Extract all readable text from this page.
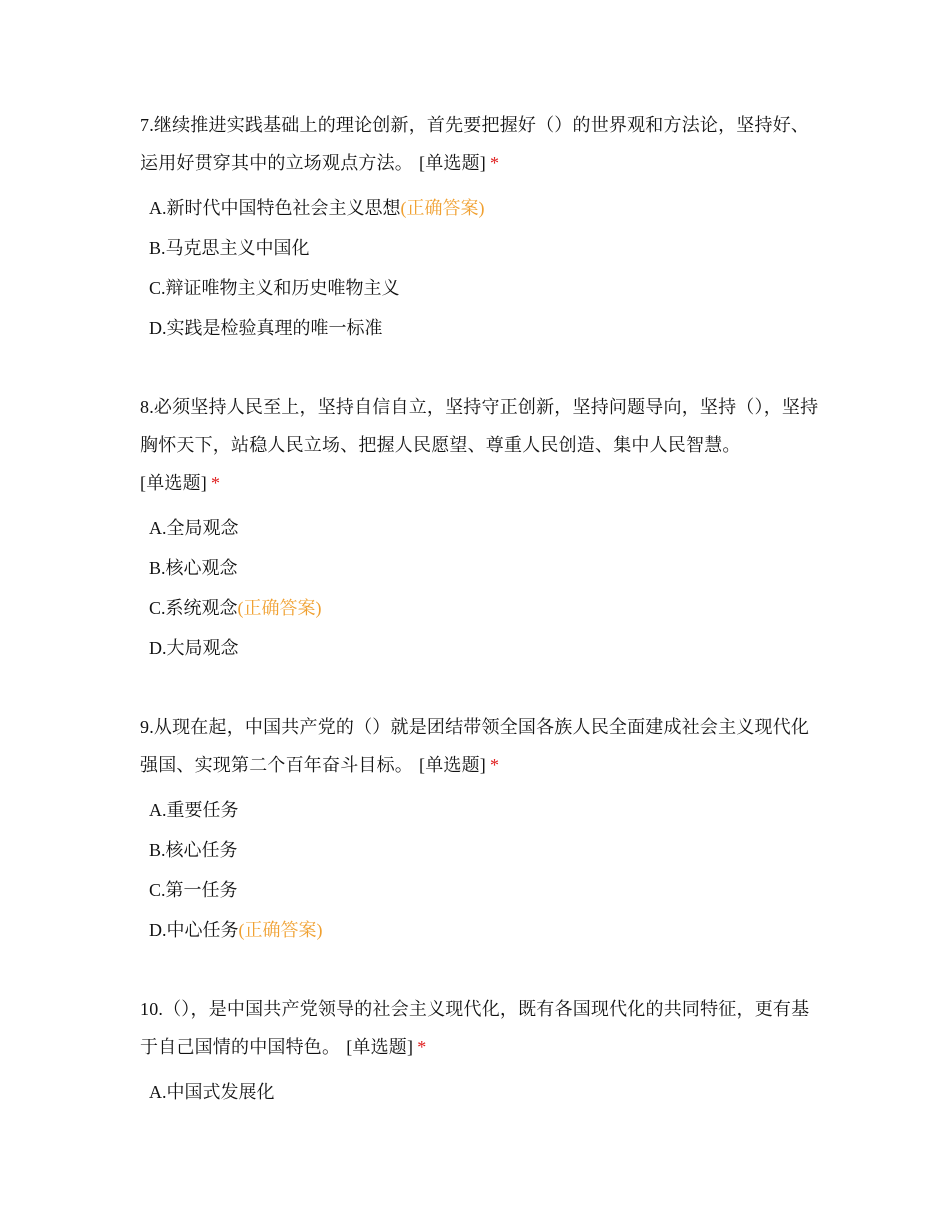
7.继续推进实践基础上的理论创新，首先要把握好（）的世界观和方法论，坚持好、运用好贯穿其中的立场观点方法。 [单选题] *

A.新时代中国特色社会主义思想(正确答案)
B.马克思主义中国化
C.辩证唯物主义和历史唯物主义
D.实践是检验真理的唯一标准

8.必须坚持人民至上，坚持自信自立，坚持守正创新，坚持问题导向，坚持（），坚持胸怀天下，站稳人民立场、把握人民愿望、尊重人民创造、集中人民智慧。
[单选题] *

A.全局观念
B.核心观念
C.系统观念(正确答案)
D.大局观念

9.从现在起，中国共产党的（）就是团结带领全国各族人民全面建成社会主义现代化强国、实现第二个百年奋斗目标。 [单选题] *

A.重要任务
B.核心任务
C.第一任务
D.中心任务(正确答案)

10.（），是中国共产党领导的社会主义现代化，既有各国现代化的共同特征，更有基于自己国情的中国特色。 [单选题] *

A.中国式发展化
